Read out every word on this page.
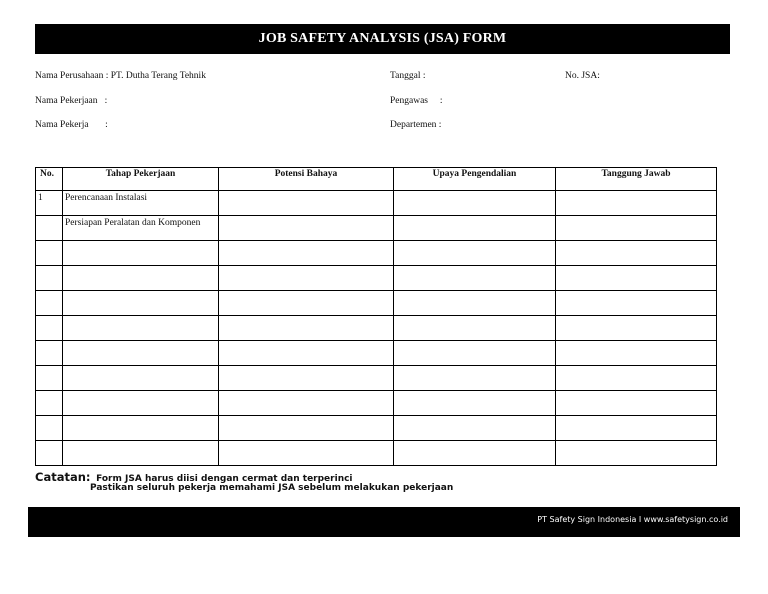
JOB SAFETY ANALYSIS (JSA) FORM
Nama Perusahaan : PT. Dutha Terang Tehnik
Nama Pekerjaan   :
Nama Pekerja       :
Tanggal :
Pengawas     :
Departemen :
No. JSA:
No.	Tahap Pekerjaan	Potensi Bahaya	Upaya Pengendalian	Tanggung Jawab
1	Perencanaan Instalasi			
	Persiapan Peralatan dan Komponen			

Catatan: Form JSA harus diisi dengan cermat dan terperinci
Pastikan seluruh pekerja memahami JSA sebelum melakukan pekerjaan
PT Safety Sign Indonesia I www.safetysign.co.id
